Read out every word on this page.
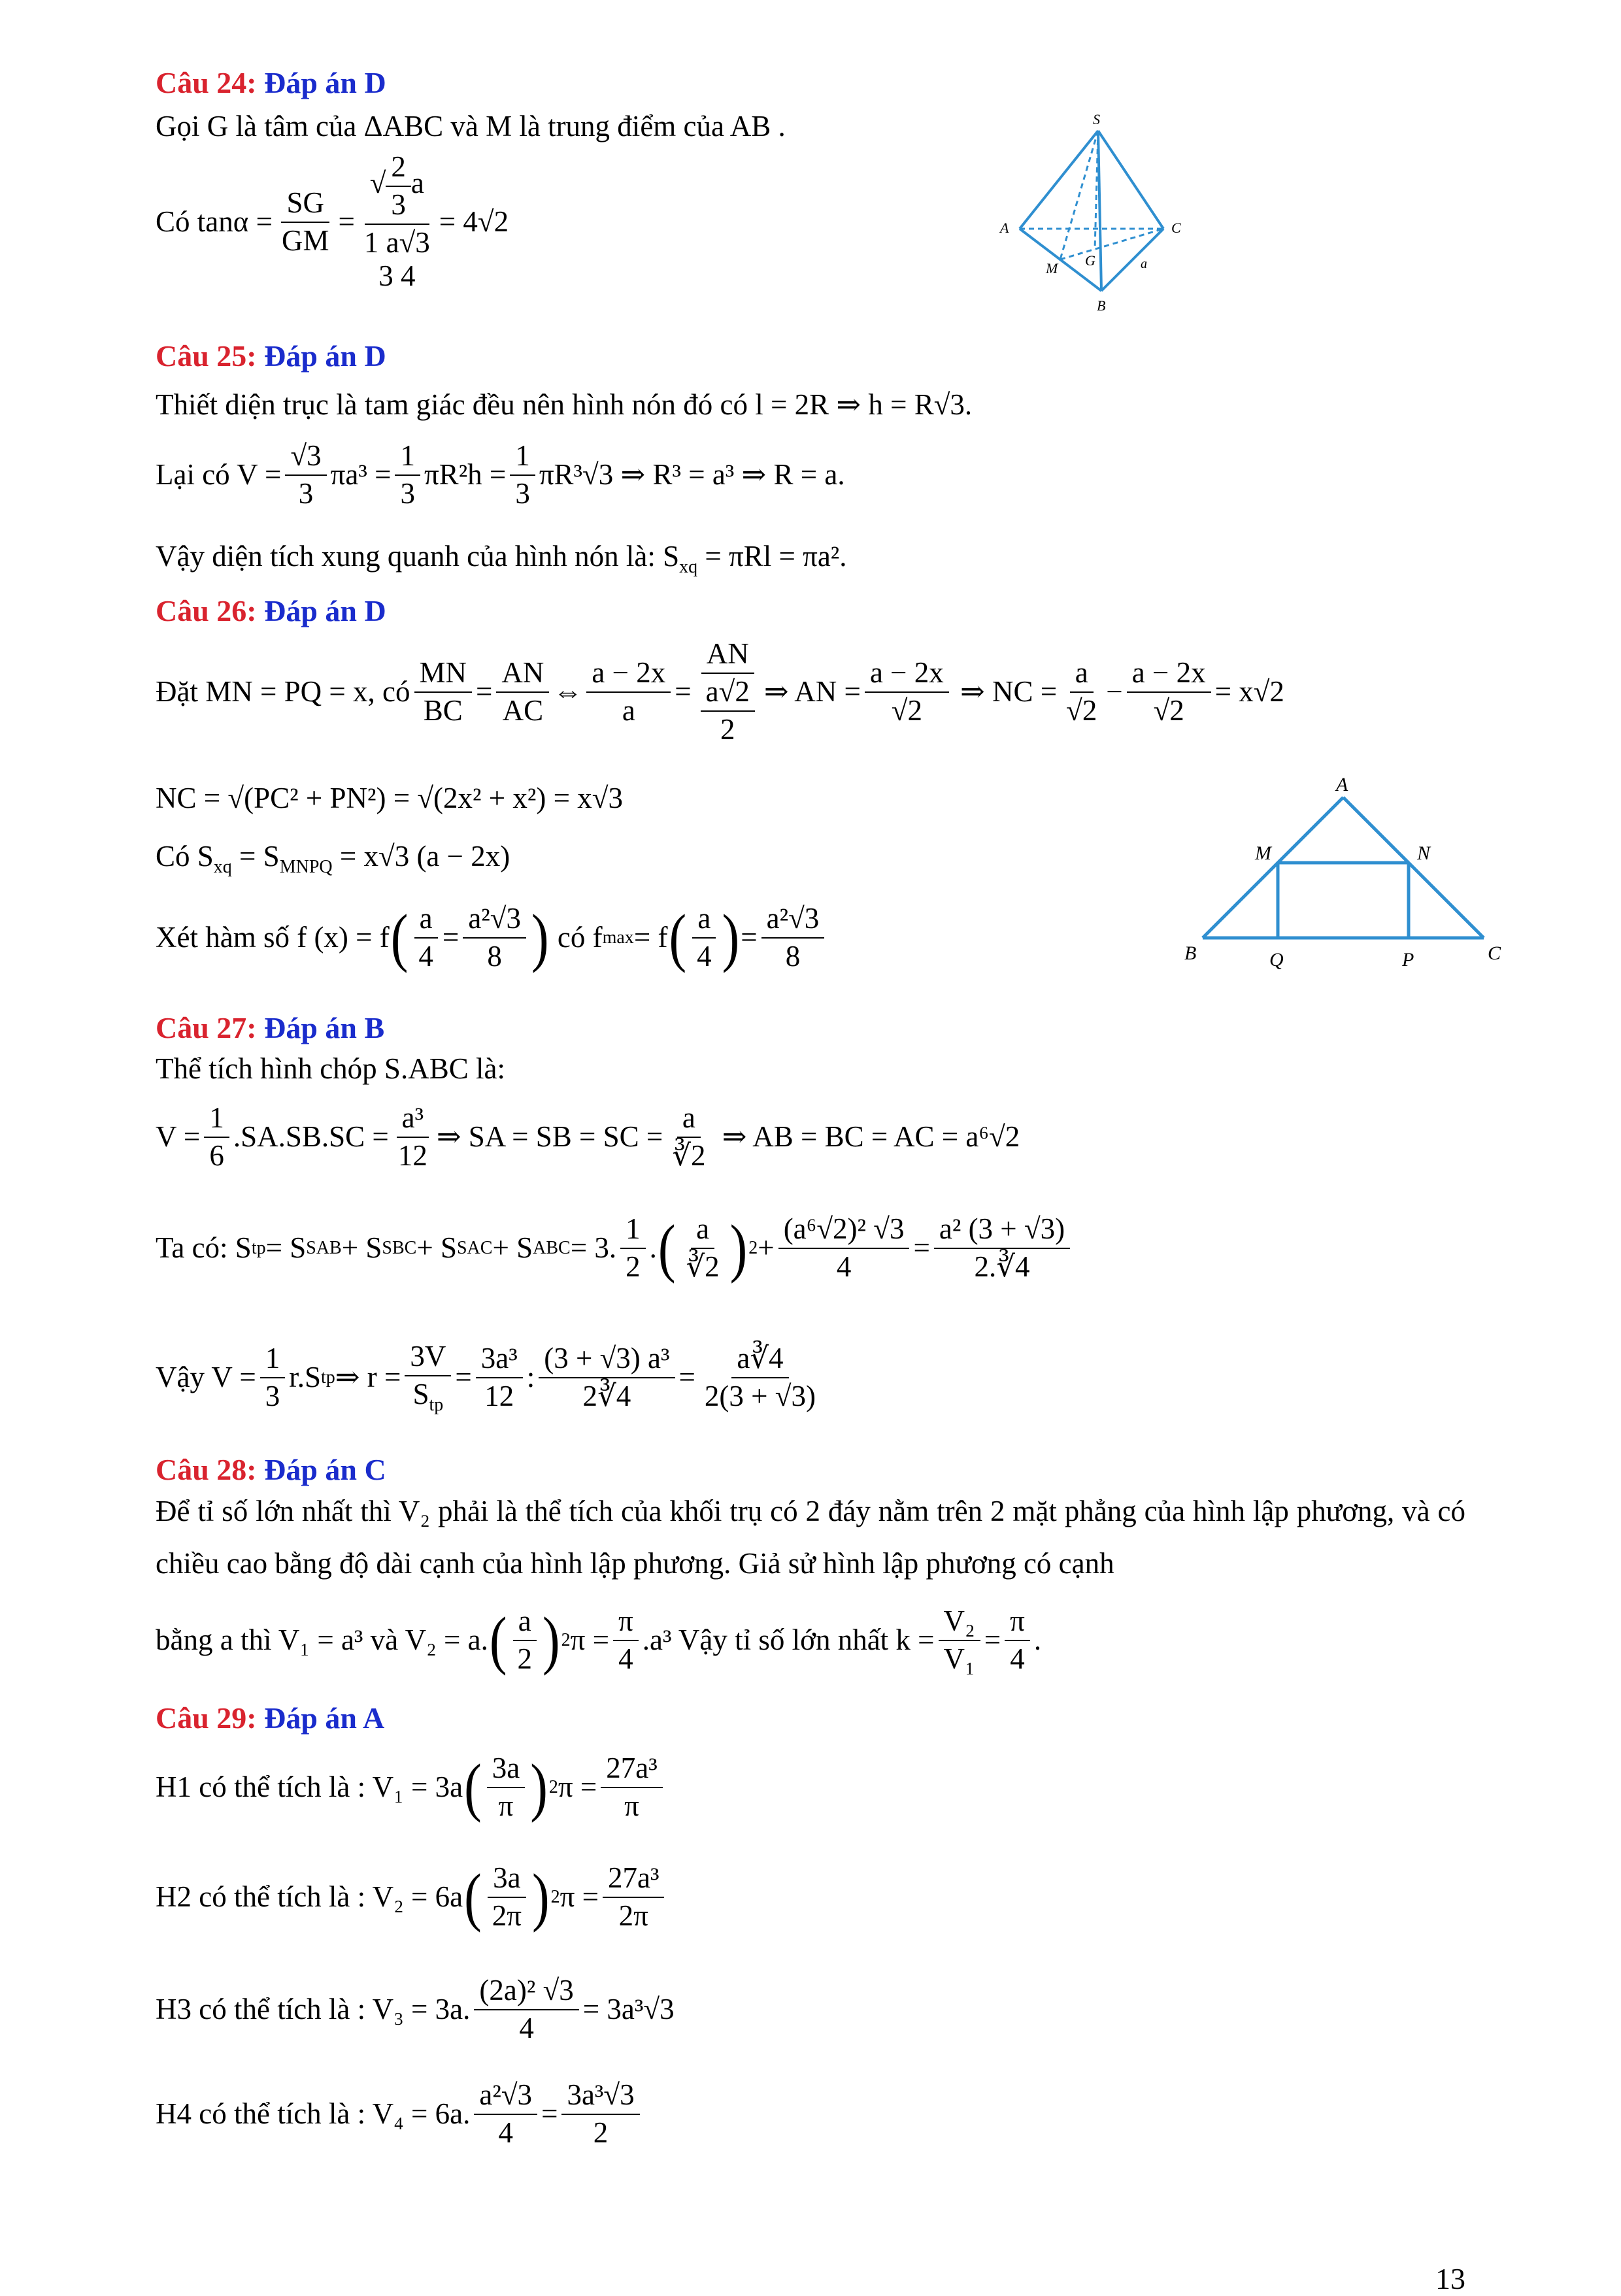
Câu 24: Đáp án D
Gọi G là tâm của ΔABC và M là trung điểm của AB .
Có
$\tan\alpha = \frac{SG}{GM}$ =
√ $\frac{2}{3}$ a
1 a√3
3 4
= 4√2
S
A	C
M G	a
B
Câu 25: Đáp án D
Thiết diện trục là tam giác đều nên hình nón đó có l = 2R ⇒ h = R√3.
Lại có $V = \frac{√3}{3} \pi a^3 = \frac{1}{3} \pi R^2h = \frac{1}{3} \pi R^3√3$ ⇒ R³ = a³ ⇒ R = a.
Vậy diện tích xung quanh của hình nón là: $S_{xq} = \pi Rl = \pi a^2$.
Câu 26: Đáp án D
Đặt MN = PQ = x, có
MN
BC
=
AN
AC
⇔
a − 2x
a
=
AN
$\frac{a√2}{2}$ ⇒ AN =
a − 2x
√2
⇒ NC =
a
√2
− $\frac{a - 2x}{√2} = x√2$
NC = √(PC² + PN²) = √(2x² + x²) = x√3
Có $S_{xq} = S_{MNPQ} = x√3$ (a − 2x)
Xét hàm số f (x) = f ( a
4
=
a²√3
8 )
có f max = f ( a
4 ) =
a²√3
8
A
M	N
B	Q	P	C
Câu 27: Đáp án B
Thể tích hình chóp S.ABC là:
$V = \frac{1}{6} .SA.SB.SC = \frac{\text{a³}}{12}$ ⇒ SA = SB = SC = $\frac{a}{∛2}$
⇒ AB = BC = AC = a⁶√2
Ta có: S tp = S SAB + S SBC + S SAC + S ABC = 3.
1
2
. ( a
∛2 ) 2 +
(a⁶√2)² √3
4
=
a² (3 + √3)
2.∛4
Vậy $V = \frac{1}{3} r.S$ tp ⇒ r =
3V
$S_{tp}$
=
3a³
12
:
(3 + √3) a³
2∛4
=
a∛4
2(3 + √3)
Câu 28: Đáp án C
Để tỉ số lớn nhất thì V₂ phải là thể tích của khối trụ có 2 đáy nằm trên 2 mặt phẳng của hình lập phương, và có chiều cao bằng độ dài cạnh của hình lập phương. Giả sử hình lập phương có cạnh
bằng a thì V₁ = a³ và V₂ = a. ( a
2 ) 2 $\pi = \frac{\pi}{4} .a^3$ Vậy tỉ số lớn nhất $k = \frac{\text{V₂}}{\text{V₁}}$ =
π
4
.
Câu 29: Đáp án A
H1 có thể tích là : V₁ = 3a ( 3a
π ) 2 π =
27a³
π
H2 có thể tích là : V₂ = 6a ( 3a
2π ) 2 π =
27a³
2π
H3 có thể tích là : V₃ = 3a. $\frac{\text{(2a)² √3}}{4} = 3a^3√3$
H4 có thể tích là : V₄ = 6a.
a²√3
4
=
3a³√3
2
13
